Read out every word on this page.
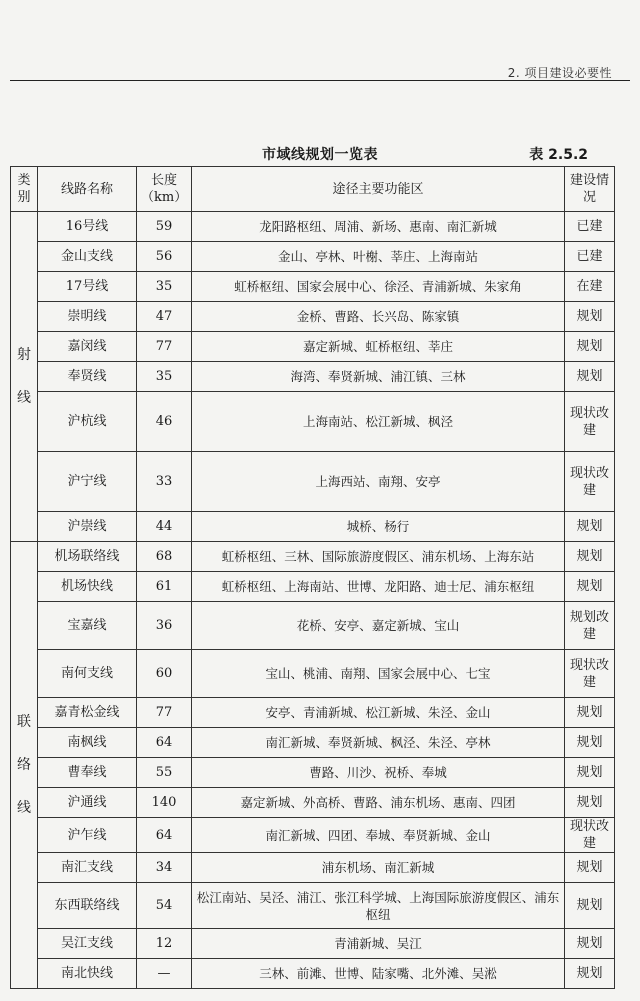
2. 项目建设必要性
市域线规划一览表	表 2.5.2
类别	线路名称	长度（km）	途径主要功能区	建设情况

射
线	16号线	59	龙阳路枢纽、周浦、新场、惠南、南汇新城	已建
	金山支线	56	金山、亭林、叶榭、莘庄、上海南站	已建
	17号线	35	虹桥枢纽、国家会展中心、徐泾、青浦新城、朱家角	在建
	崇明线	47	金桥、曹路、长兴岛、陈家镇	规划
	嘉闵线	77	嘉定新城、虹桥枢纽、莘庄	规划
	奉贤线	35	海湾、奉贤新城、浦江镇、三林	规划
	沪杭线	46	上海南站、松江新城、枫泾	现状改建
	沪宁线	33	上海西站、南翔、安亭	现状改建
	沪崇线	44	城桥、杨行	规划

联
络
线	机场联络线	68	虹桥枢纽、三林、国际旅游度假区、浦东机场、上海东站	规划
	机场快线	61	虹桥枢纽、上海南站、世博、龙阳路、迪士尼、浦东枢纽	规划
	宝嘉线	36	花桥、安亭、嘉定新城、宝山	规划改建
	南何支线	60	宝山、桃浦、南翔、国家会展中心、七宝	现状改建
	嘉青松金线	77	安亭、青浦新城、松江新城、朱泾、金山	规划
	南枫线	64	南汇新城、奉贤新城、枫泾、朱泾、亭林	规划
	曹奉线	55	曹路、川沙、祝桥、奉城	规划
	沪通线	140	嘉定新城、外高桥、曹路、浦东机场、惠南、四团	规划
	沪乍线	64	南汇新城、四团、奉城、奉贤新城、金山	现状改建
	南汇支线	34	浦东机场、南汇新城	规划
	东西联络线	54	松江南站、吴泾、浦江、张江科学城、上海国际旅游度假区、浦东枢纽	规划
	吴江支线	12	青浦新城、吴江	规划
	南北快线	—	三林、前滩、世博、陆家嘴、北外滩、吴淞	规划
